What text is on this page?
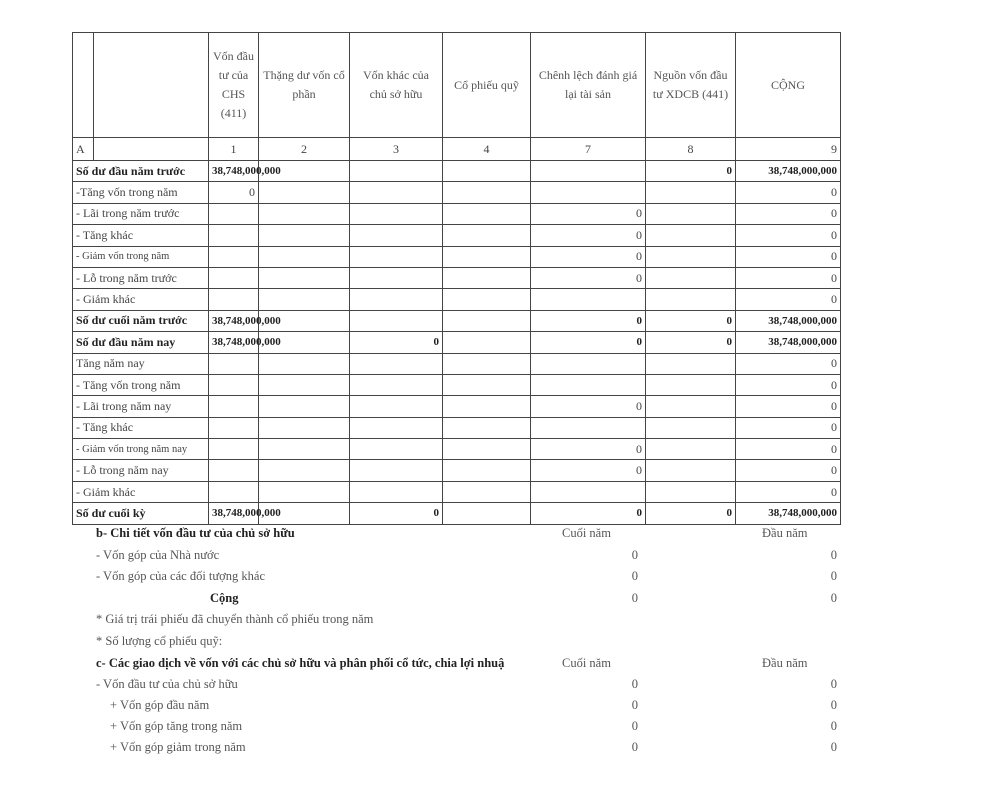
		Vốn đầu tư của CHS (411)	Thặng dư vốn cổ phần	Vốn khác của chủ sở hữu	Cổ phiếu quỹ	Chênh lệch đánh giá lại tài sản	Nguồn vốn đầu tư XDCB (441)	CỘNG
A		1	2	3	4	7	8	9
Số dư đầu năm trước		38,748,000,000					0	38,748,000,000
-Tăng vốn trong năm		0						0
- Lãi trong năm trước						0		0
- Tăng khác						0		0
- Giảm vốn trong năm						0		0
- Lỗ trong năm trước						0		0
- Giảm khác								0
Số dư cuối năm trước		38,748,000,000				0	0	38,748,000,000
Số dư đầu năm nay		38,748,000,000		0		0	0	38,748,000,000
Tăng năm nay								0
- Tăng vốn trong năm								0
- Lãi trong năm nay						0		0
- Tăng khác								0
- Giảm vốn trong năm nay						0		0
- Lỗ trong năm nay						0		0
- Giảm khác								0
Số dư cuối kỳ		38,748,000,000		0		0	0	38,748,000,000
b- Chi tiết vốn đầu tư của chủ sở hữu	Cuối năm	Đầu năm
- Vốn góp của Nhà nước	0	0
- Vốn góp của các đối tượng khác	0	0
Cộng	0	0
* Giá trị trái phiếu đã chuyển thành cổ phiếu trong năm
* Số lượng cổ phiếu quỹ:
c- Các giao dịch về vốn với các chủ sở hữu và phân phối cổ tức, chia lợi nhuậ	Cuối năm	Đầu năm
- Vốn đầu tư của chủ sở hữu	0	0
+ Vốn góp đầu năm	0	0
+ Vốn góp tăng trong năm	0	0
+ Vốn góp giảm trong năm	0	0
